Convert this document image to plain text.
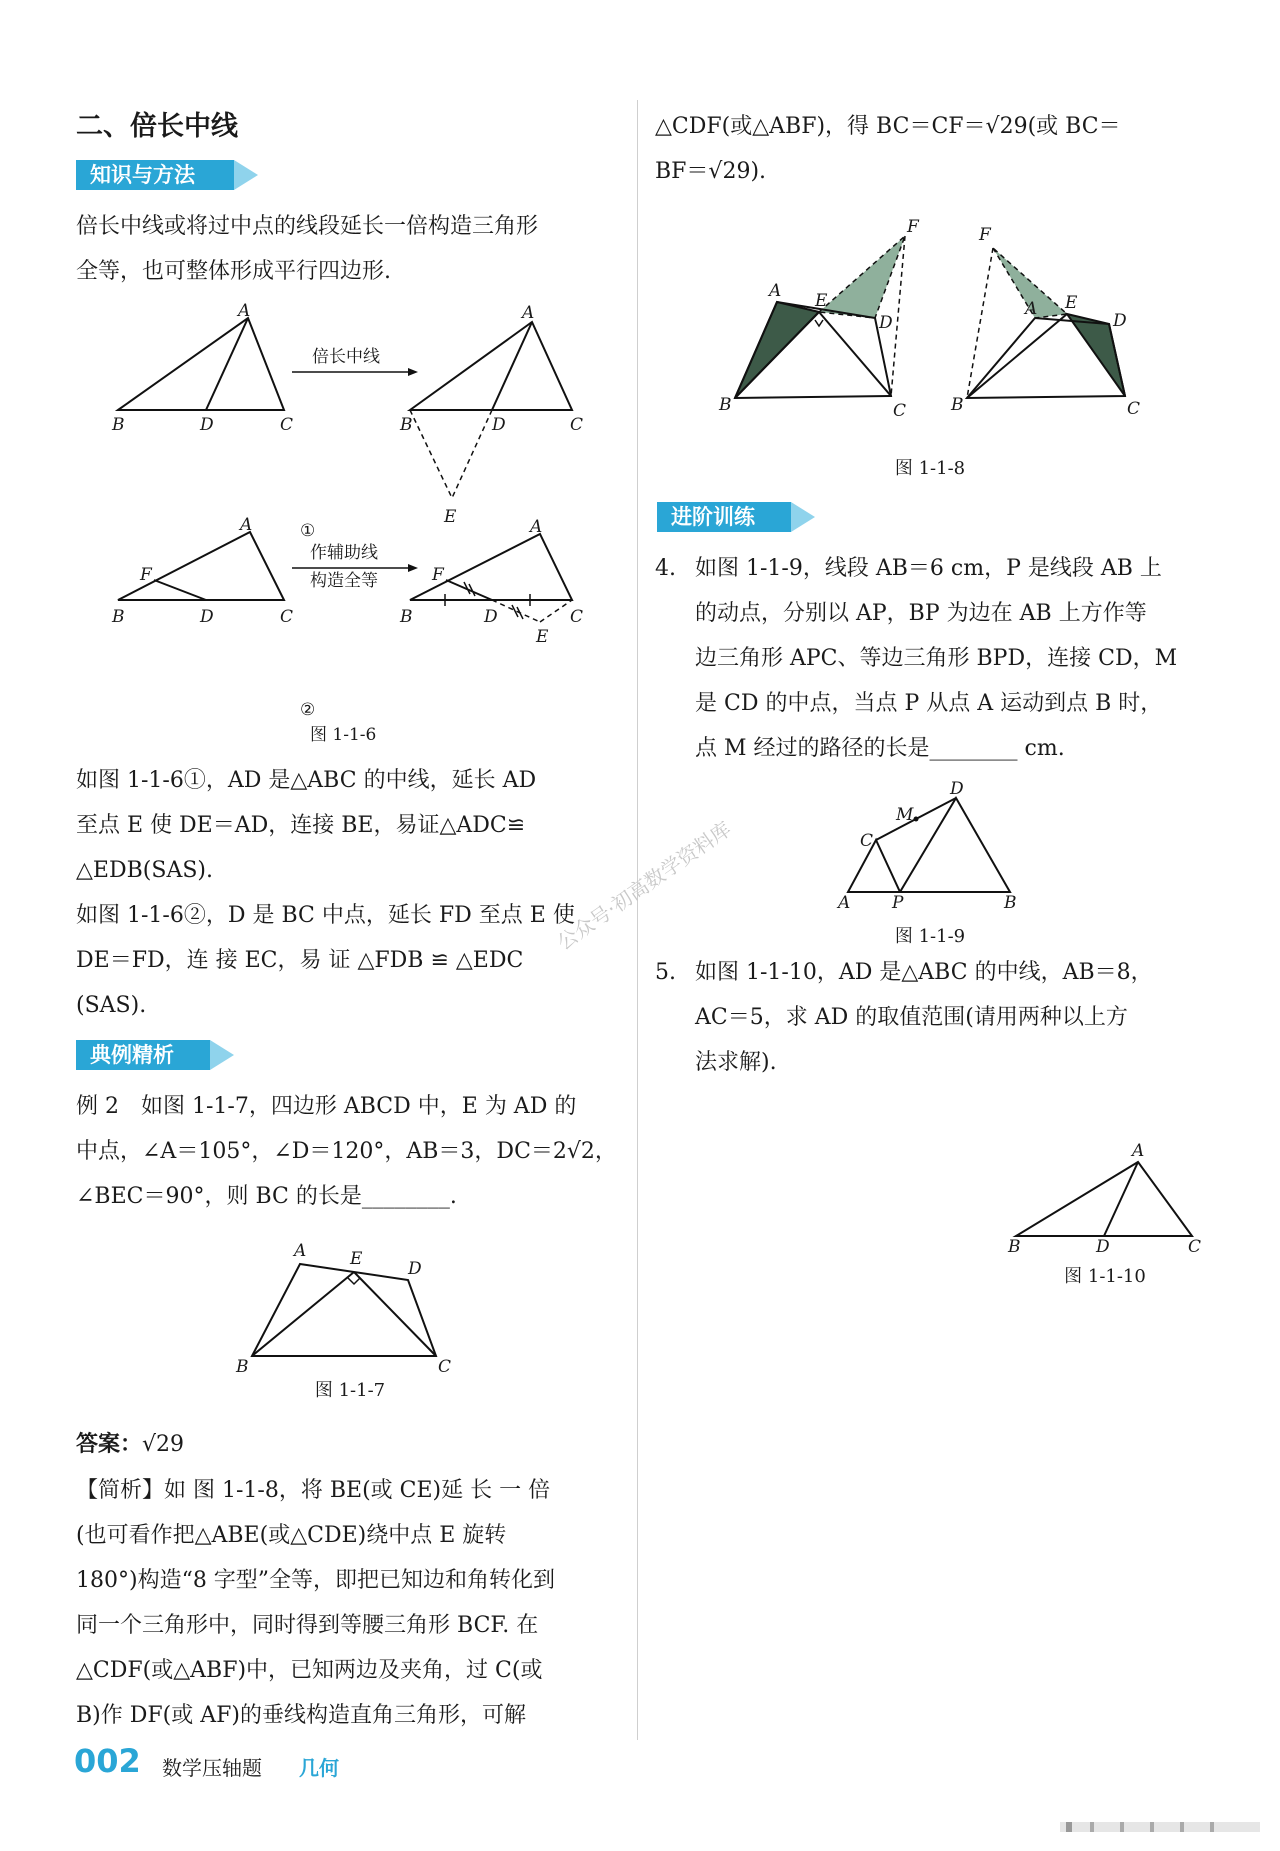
二、倍长中线
知识与方法

倍长中线或将过中点的线段延长一倍构造三角形

全等，也可整体形成平行四边形.

A
B	D	C
倍长中线
A
B	D	C
E
①
A
F
B	D	C
作辅助线
构造全等
A
F
B	D	C
E
②
图 1-1-6

如图 1-1-6①，AD 是△ABC 的中线，延长 AD

至点 E 使 DE＝AD，连接 BE，易证△ADC≌

△EDB(SAS).

如图 1-1-6②，D 是 BC 中点，延长 FD 至点 E 使

DE＝FD，连 接 EC，易 证 △FDB ≌ △EDC

(SAS).

典例精析

例 2　如图 1-1-7，四边形 ABCD 中，E 为 AD 的

中点，∠A＝105°，∠D＝120°，AB＝3，DC＝2√2，

∠BEC＝90°，则 BC 的长是________.

A	E	D
B	C
图 1-1-7
答案：√29

【简析】如 图 1-1-8，将 BE(或 CE)延 长 一 倍

(也可看作把△ABE(或△CDE)绕中点 E 旋转

180°)构造“8 字型”全等，即把已知边和角转化到

同一个三角形中，同时得到等腰三角形 BCF. 在

△CDF(或△ABF)中，已知两边及夹角，过 C(或

B)作 DF(或 AF)的垂线构造直角三角形，可解

△CDF(或△ABF)，得 BC＝CF＝√29(或 BC＝

BF＝√29).

A E
D
F
B	C
F
A E
D
B	C
图 1-1-8
进阶训练
4. 如图 1-1-9，线段 AB＝6 cm，P 是线段 AB 上

的动点，分别以 AP，BP 为边在 AB 上方作等

边三角形 APC、等边三角形 BPD，连接 CD，M

是 CD 的中点，当点 P 从点 A 运动到点 B 时，

点 M 经过的路径的长是________ cm.

A P	B
C
D
M
图 1-1-9
5. 如图 1-1-10，AD 是△ABC 的中线，AB＝8，

AC＝5，求 AD 的取值范围(请用两种以上方

法求解).

A
B	D	C
图 1-1-10
公众号·初高数学资料库
002 数学压轴题 几何
